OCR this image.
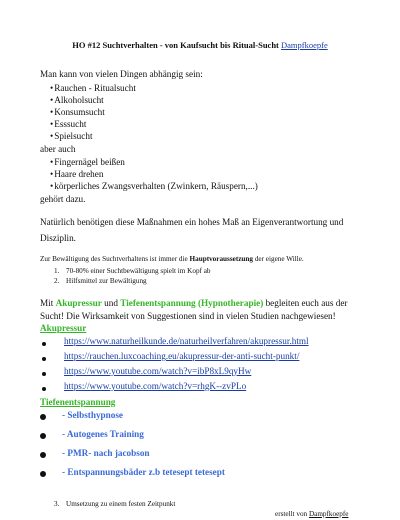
HO #12 Suchtverhalten - von Kaufsucht bis Ritual-Sucht Dampfkoepfe
Man kann von vielen Dingen abhängig sein:
• Rauchen - Ritualsucht
• Alkoholsucht
• Konsumsucht
• Esssucht
• Spielsucht
aber auch
• Fingernägel beißen
• Haare drehen
• körperliches Zwangsverhalten (Zwinkern, Räuspern,...)
gehört dazu.
Natürlich benötigen diese Maßnahmen ein hohes Maß an Eigenverantwortung und
Disziplin.
Zur Bewältigung des Suchtverhaltens ist immer die Hauptvoraussetzung der eigene Wille.
1. 70-80% einer Suchtbewältigung spielt im Kopf ab
2. Hilfsmittel zur Bewältigung
Mit Akupressur und Tiefenentspannung (Hypnotherapie) begleiten euch aus der
Sucht! Die Wirksamkeit von Suggestionen sind in vielen Studien nachgewiesen!
Akupressur
https://www.naturheilkunde.de/naturheilverfahren/akupressur.html
https://rauchen.luxcoaching.eu/akupressur-der-anti-sucht-punkt/
https://www.youtube.com/watch?v=ibP8xL9qyHw
https://www.youtube.com/watch?v=rhgK--zvPLo
Tiefenentspannung
- Selbsthypnose
- Autogenes Training
- PMR- nach jacobson
- Entspannungsbäder z.b tetesept tetesept
3. Umsetzung zu einem festen Zeitpunkt
erstellt von Dampfkoepfe
